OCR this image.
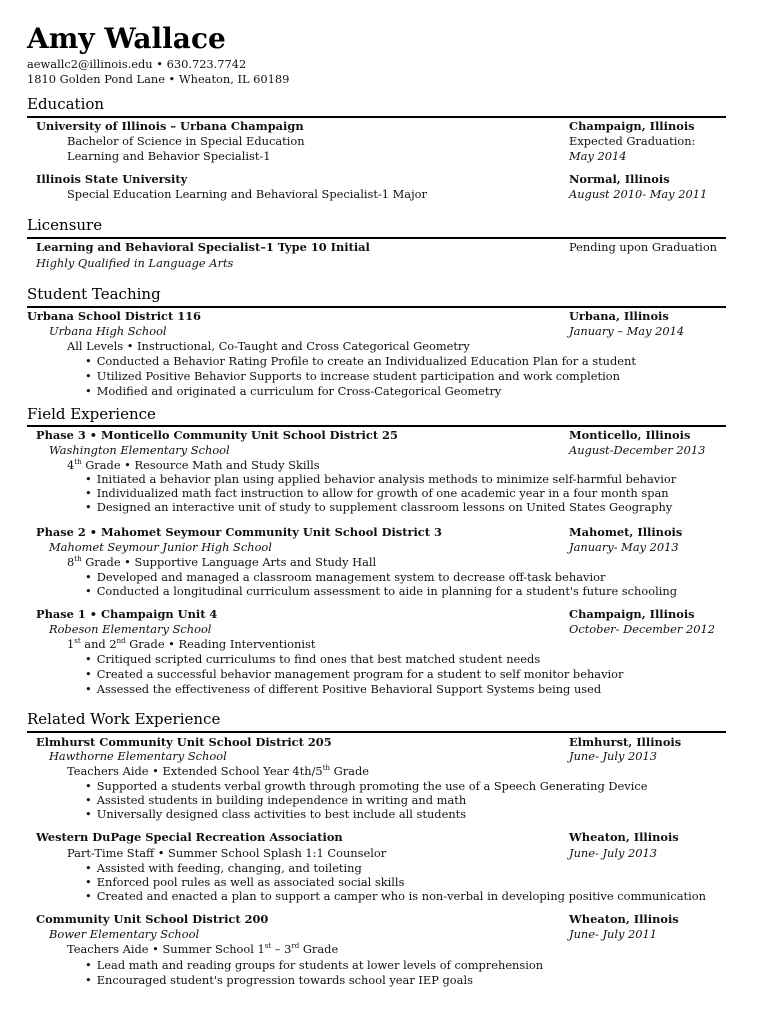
Amy Wallace
aewallc2@illinois.edu • 630.723.7742
1810 Golden Pond Lane • Wheaton, IL 60189
Education
University of Illinois – Urbana Champaign	Champaign, Illinois
Bachelor of Science in Special Education	Expected Graduation:
Learning and Behavior Specialist-1	May 2014
Illinois State University	Normal, Illinois
Special Education Learning and Behavioral Specialist-1 Major	August 2010- May 2011
Licensure
Learning and Behavioral Specialist–1 Type 10 Initial	Pending upon Graduation
Highly Qualified in Language Arts
Student Teaching
Urbana School District 116	Urbana, Illinois
Urbana High School	January – May 2014
All Levels • Instructional, Co-Taught and Cross Categorical Geometry
• Conducted a Behavior Rating Profile to create an Individualized Education Plan for a student
• Utilized Positive Behavior Supports to increase student participation and work completion
• Modified and originated a curriculum for Cross-Categorical Geometry
Field Experience
Phase 3 • Monticello Community Unit School District 25	Monticello, Illinois
Washington Elementary School	August-December 2013
4th Grade • Resource Math and Study Skills
• Initiated a behavior plan using applied behavior analysis methods to minimize self-harmful behavior
• Individualized math fact instruction to allow for growth of one academic year in a four month span
• Designed an interactive unit of study to supplement classroom lessons on United States Geography
Phase 2 • Mahomet Seymour Community Unit School District 3	Mahomet, Illinois
Mahomet Seymour Junior High School	January- May 2013
8th Grade • Supportive Language Arts and Study Hall
• Developed and managed a classroom management system to decrease off-task behavior
• Conducted a longitudinal curriculum assessment to aide in planning for a student's future schooling
Phase 1 • Champaign Unit 4	Champaign, Illinois
Robeson Elementary School	October- December 2012
1st and 2nd Grade • Reading Interventionist
• Critiqued scripted curriculums to find ones that best matched student needs
• Created a successful behavior management program for a student to self monitor behavior
• Assessed the effectiveness of different Positive Behavioral Support Systems being used
Related Work Experience
Elmhurst Community Unit School District 205	Elmhurst, Illinois
Hawthorne Elementary School	June- July 2013
Teachers Aide • Extended School Year 4th/5th Grade
• Supported a students verbal growth through promoting the use of a Speech Generating Device
• Assisted students in building independence in writing and math
• Universally designed class activities to best include all students
Western DuPage Special Recreation Association	Wheaton, Illinois
Part-Time Staff • Summer School Splash 1:1 Counselor	June- July 2013
• Assisted with feeding, changing, and toileting
• Enforced pool rules as well as associated social skills
• Created and enacted a plan to support a camper who is non-verbal in developing positive communication
Community Unit School District 200	Wheaton, Illinois
Bower Elementary School	June- July 2011
Teachers Aide • Summer School 1st – 3rd Grade
• Lead math and reading groups for students at lower levels of comprehension
• Encouraged student's progression towards school year IEP goals
